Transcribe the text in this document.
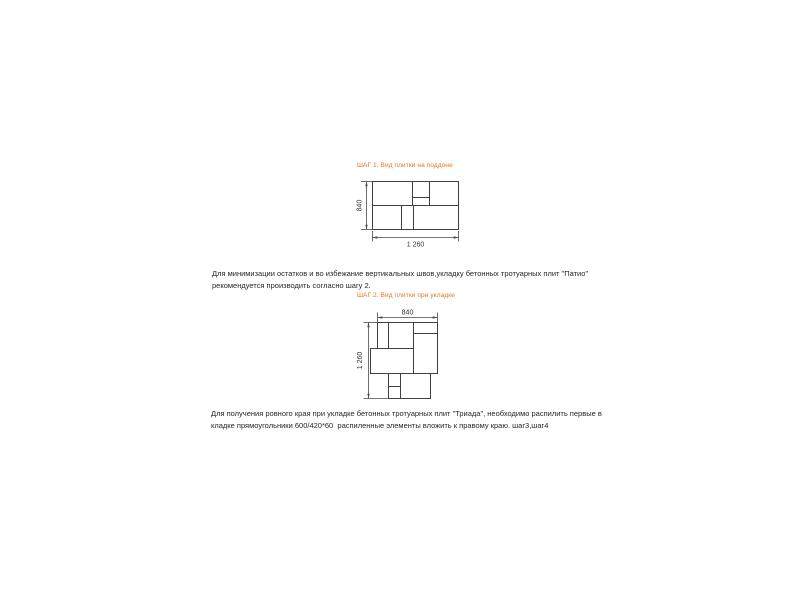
ШАГ 1. Вид плитки на поддоне
840
1 260
Для минимизации остатков и во избежание вертикальных швов,укладку бетонных тротуарных плит "Патио"
рекомендуется производить согласно шагу 2.
ШАГ 2. Вид плитки при укладке
840
1 260
Для получения ровного края при укладке бетонных тротуарных плит "Триада", необходимо распилить первые в
кладке прямоугольники 600/420*60  распиленные элементы вложить к правому краю. шаг3,шаг4
